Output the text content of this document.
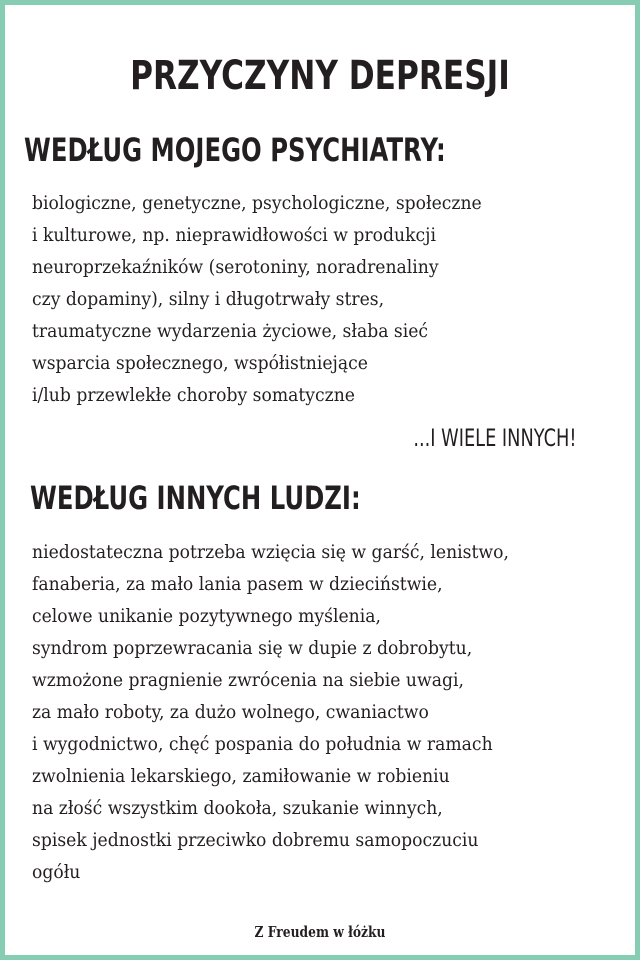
PRZYCZYNY DEPRESJI
WEDŁUG MOJEGO PSYCHIATRY:
biologiczne, genetyczne, psychologiczne, społeczne
i kulturowe, np. nieprawidłowości w produkcji
neuroprzekaźników (serotoniny, noradrenaliny
czy dopaminy), silny i długotrwały stres,
traumatyczne wydarzenia życiowe, słaba sieć
wsparcia społecznego, współistniejące
i/lub przewlekłe choroby somatyczne
...I WIELE INNYCH!
WEDŁUG INNYCH LUDZI:
niedostateczna potrzeba wzięcia się w garść, lenistwo,
fanaberia, za mało lania pasem w dzieciństwie,
celowe unikanie pozytywnego myślenia,
syndrom poprzewracania się w dupie z dobrobytu,
wzmożone pragnienie zwrócenia na siebie uwagi,
za mało roboty, za dużo wolnego, cwaniactwo
i wygodnictwo, chęć pospania do południa w ramach
zwolnienia lekarskiego, zamiłowanie w robieniu
na złość wszystkim dookoła, szukanie winnych,
spisek jednostki przeciwko dobremu samopoczuciu
ogółu
Z Freudem w łóżku
